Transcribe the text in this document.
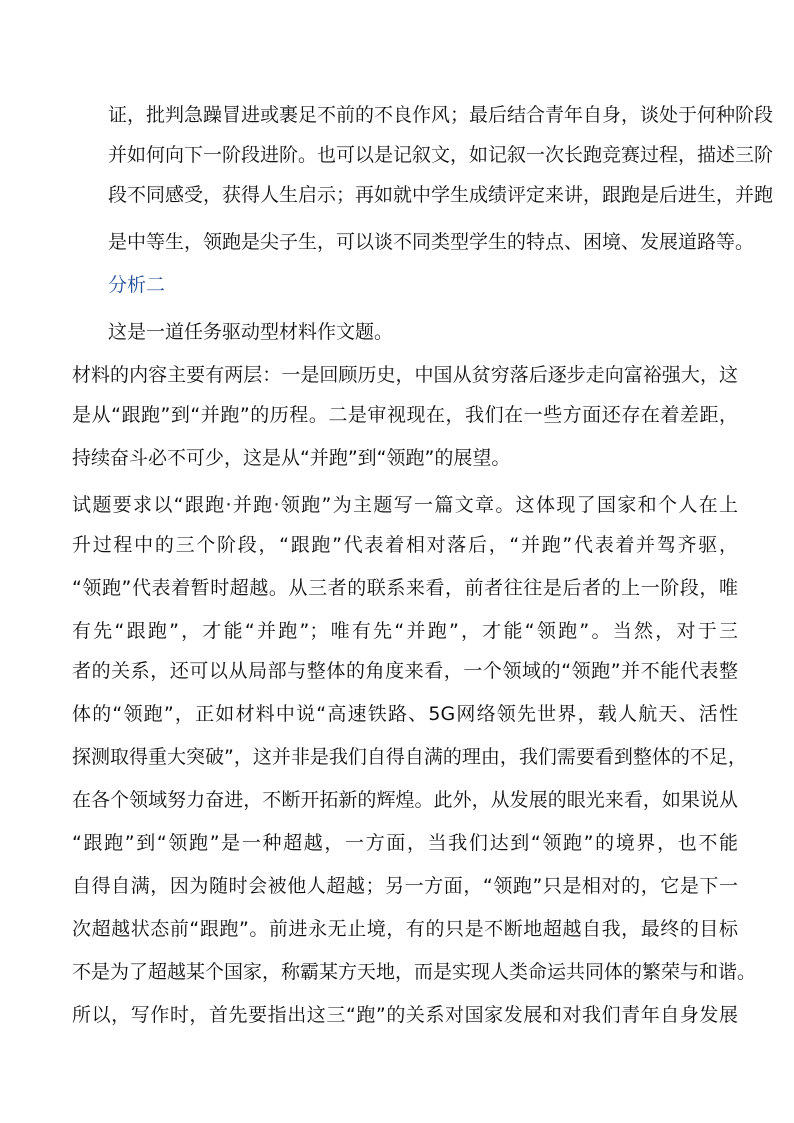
证，批判急躁冒进或裹足不前的不良作风；最后结合青年自身，谈处于何种阶段
并如何向下一阶段进阶。也可以是记叙文，如记叙一次长跑竞赛过程，描述三阶
段不同感受，获得人生启示；再如就中学生成绩评定来讲，跟跑是后进生，并跑
是中等生，领跑是尖子生，可以谈不同类型学生的特点、困境、发展道路等。
分析二
这是一道任务驱动型材料作文题。
材料的内容主要有两层：一是回顾历史，中国从贫穷落后逐步走向富裕强大，这
是从“跟跑”到“并跑”的历程。二是审视现在，我们在一些方面还存在着差距，
持续奋斗必不可少，这是从“并跑”到“领跑”的展望。
试题要求以“跟跑·并跑·领跑”为主题写一篇文章。这体现了国家和个人在上
升过程中的三个阶段，“跟跑”代表着相对落后，“并跑”代表着并驾齐驱，
“领跑”代表着暂时超越。从三者的联系来看，前者往往是后者的上一阶段，唯
有先“跟跑”，才能“并跑”；唯有先“并跑”，才能“领跑”。当然，对于三
者的关系，还可以从局部与整体的角度来看，一个领域的“领跑”并不能代表整
体的“领跑”，正如材料中说“高速铁路、5G网络领先世界，载人航天、活性
探测取得重大突破”，这并非是我们自得自满的理由，我们需要看到整体的不足，
在各个领域努力奋进，不断开拓新的辉煌。此外，从发展的眼光来看，如果说从
“跟跑”到“领跑”是一种超越，一方面，当我们达到“领跑”的境界，也不能
自得自满，因为随时会被他人超越；另一方面，“领跑”只是相对的，它是下一
次超越状态前“跟跑”。前进永无止境，有的只是不断地超越自我，最终的目标
不是为了超越某个国家，称霸某方天地，而是实现人类命运共同体的繁荣与和谐。
所以，写作时，首先要指出这三“跑”的关系对国家发展和对我们青年自身发展
